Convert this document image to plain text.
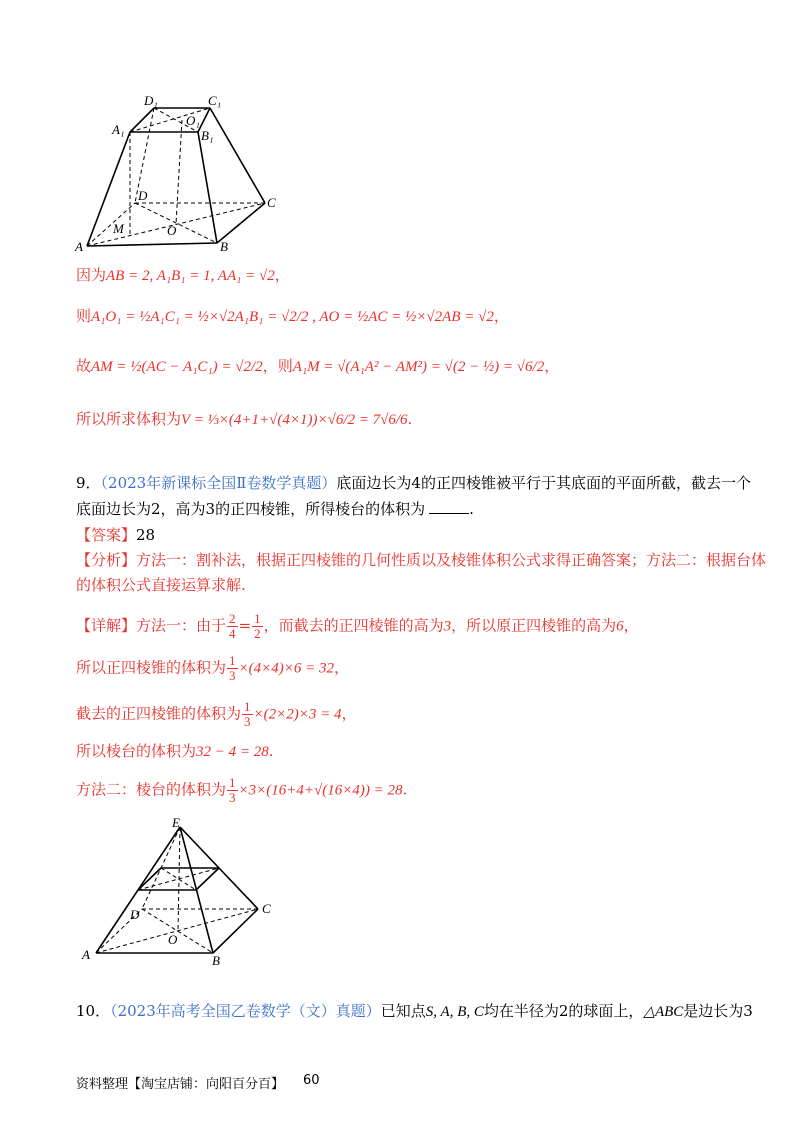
D₁	C₁
A₁
O₁
B₁
D	C
M	O
A	B
因为AB = 2, A₁B₁ = 1, AA₁ = √2，
则A₁O₁ = ½A₁C₁ = ½×√2A₁B₁ = √2/2 , AO = ½AC = ½×√2AB = √2，
故AM = ½(AC − A₁C₁) = √2/2，则A₁M = √(A₁A² − AM²) = √(2 − ½) = √6/2，
所以所求体积为V = ⅓×(4+1+√(4×1))×√6/2 = 7√6/6.
9．（2023年新课标全国Ⅱ卷数学真题）底面边长为4的正四棱锥被平行于其底面的平面所截，截去一个
底面边长为2，高为3的正四棱锥，所得棱台的体积为	.
【答案】28
【分析】方法一：割补法，根据正四棱锥的几何性质以及棱锥体积公式求得正确答案；方法二：根据台体
的体积公式直接运算求解.
【详解】方法一：由于 $\frac{2}{4} = \frac{1}{2}$ ，而截去的正四棱锥的高为3，所以原正四棱锥的高为6，
所以正四棱锥的体积为 $\frac{1}{3} \times(4\times 4)\times 6 = 32$，
截去的正四棱锥的体积为 $\frac{1}{3} \times(2\times 2)\times 3 = 4$，
所以棱台的体积为32 − 4 = 28.
方法二：棱台的体积为 $\frac{1}{3} \times 3\times(16+4+√(16\times 4)) = 28$.
E
D	C
O
A	B
10．（2023年高考全国乙卷数学（文）真题）已知点S, A, B, C均在半径为2的球面上，△ABC是边长为3
资料整理【淘宝店铺：向阳百分百】 60
